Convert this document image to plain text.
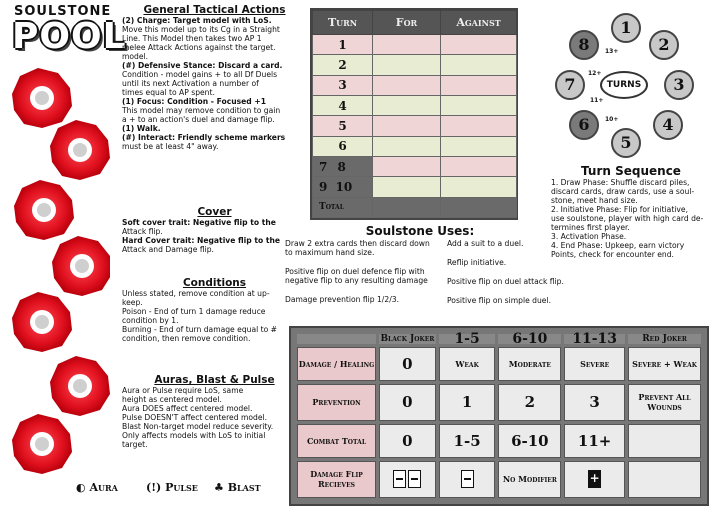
SOULSTONE
POOL
General Tactical Actions

(2) Charge: Target model with LoS.

Move this model up to its Cg in a Straight

Line. This Model then takes two AP 1

melee Attack Actions against the target.

model.

(#) Defensive Stance: Discard a card.

Condition - model gains + to all Df Duels

until its next Activation a number of

times equal to AP spent.

(1) Focus: Condition - Focused +1

This model may remove condition to gain

a + to an action's duel and damage flip.

(1) Walk.

(#) Interact: Friendly scheme markers

must be at least 4" away.

Cover

Soft cover trait: Negative flip to the

Attack flip.

Hard Cover trait: Negative flip to the

Attack and Damage flip.

Conditions

Unless stated, remove condition at up-

keep.

Poison - End of turn 1 damage reduce

condition by 1.

Burning - End of turn damage equal to #

condition, then remove condition.

Auras, Blast & Pulse

Aura or Pulse require LoS, same

height as centered model.

Aura DOES affect centered model.

Pulse DOESN'T affect centered model.

Blast Non-target model reduce severity.

Only affects models with LoS to initial

target.

◐ Aura	(!) Pulse ♣ Blast
Turn	For	Against
1		
2		
3		
4		
5		
6		
7 8		
9 10		
Total		
1
2
3
4
5
6
7
8	13+
12+
11+
10+
TURNS
Turn Sequence

1. Draw Phase: Shuffle discard piles,

discard cards, draw cards, use a soul-

stone, meet hand size.

2. Initiative Phase: Flip for initiative,

use soulstone, player with high card de-

termines first player.

3. Activation Phase.

4. End Phase: Upkeep, earn victory

Points, check for encounter end.

Soulstone Uses:

Draw 2 extra cards then discard down

to maximum hand size.

Positive flip on duel defence flip with

negative flip to any resulting damage

Damage prevention flip 1/2/3.

Add a suit to a duel.

Reflip initiative.

Positive flip on duel attack flip.

Positive flip on simple duel.

	Black Joker	1-5	6-10	11-13	Red Joker
Damage / Healing	0	Weak	Moderate	Severe	Severe + Weak
Prevention	0	1	2	3	Prevent All Wounds
Combat Total	0	1-5	6-10	11+	
Damage Flip Recieves			No Modifier	+	
